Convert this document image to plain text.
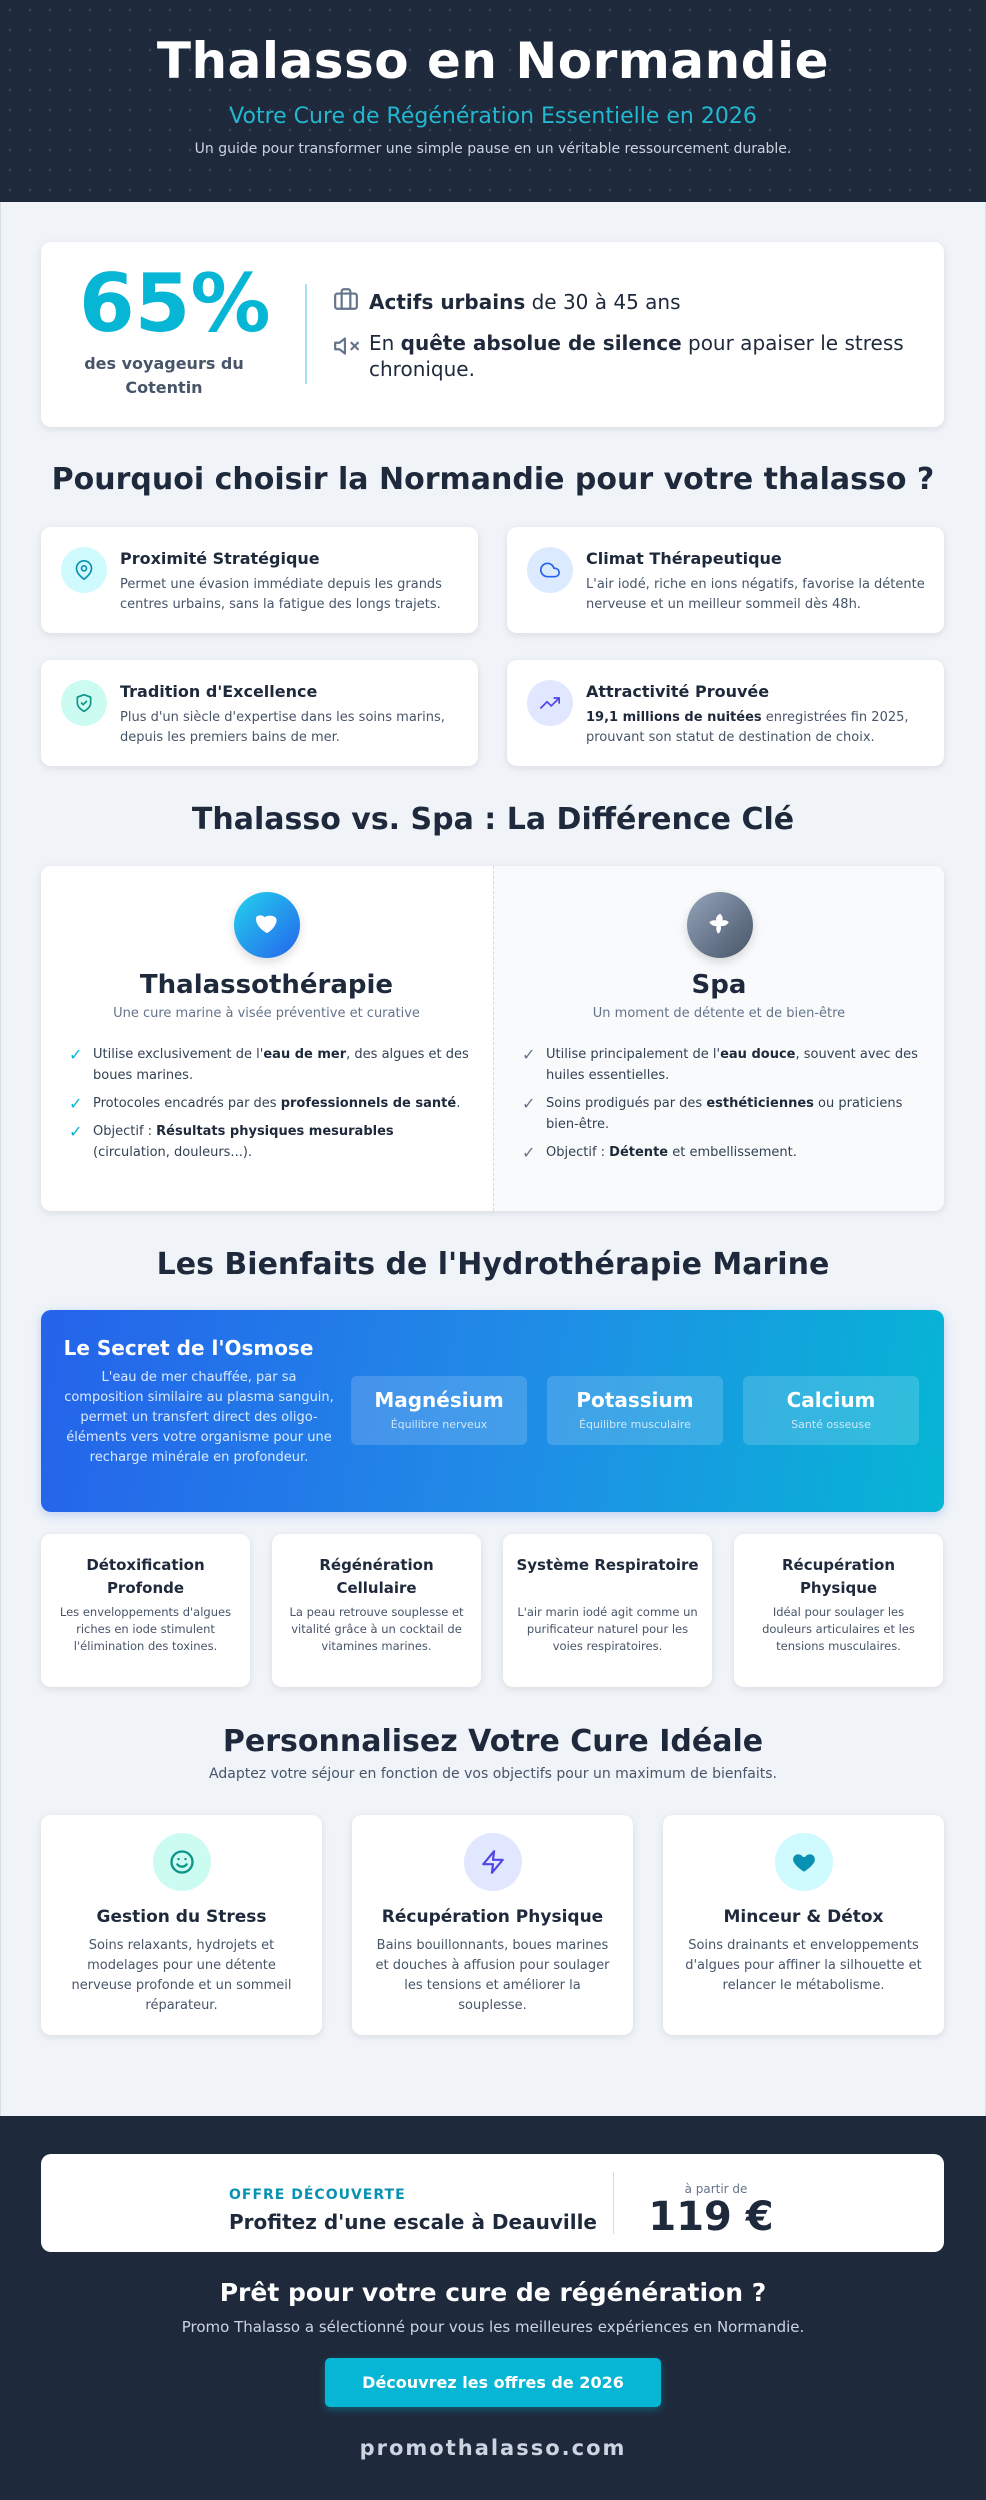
Thalasso en Normandie
Votre Cure de Régénération Essentielle en 2026
Un guide pour transformer une simple pause en un véritable ressourcement durable.
65%
des voyageurs du Cotentin
Actifs urbains de 30 à 45 ans
En quête absolue de silence pour apaiser le stress chronique.
Pourquoi choisir la Normandie pour votre thalasso ?
Proximité Stratégique
Permet une évasion immédiate depuis les grands centres urbains, sans la fatigue des longs trajets.
Climat Thérapeutique
L'air iodé, riche en ions négatifs, favorise la détente nerveuse et un meilleur sommeil dès 48h.
Tradition d'Excellence
Plus d'un siècle d'expertise dans les soins marins, depuis les premiers bains de mer.
Attractivité Prouvée
19,1 millions de nuitées enregistrées fin 2025, prouvant son statut de destination de choix.
Thalasso vs. Spa : La Différence Clé
Thalassothérapie
Une cure marine à visée préventive et curative
✓ Utilise exclusivement de l'eau de mer, des algues et des boues marines.
✓ Protocoles encadrés par des professionnels de santé.
✓ Objectif : Résultats physiques mesurables (circulation, douleurs...).
Spa
Un moment de détente et de bien-être
✓ Utilise principalement de l'eau douce, souvent avec des huiles essentielles.
✓ Soins prodigués par des esthéticiennes ou praticiens bien-être.
✓ Objectif : Détente et embellissement.
Les Bienfaits de l'Hydrothérapie Marine
Le Secret de l'Osmose
L'eau de mer chauffée, par sa composition similaire au plasma sanguin, permet un transfert direct des oligo-éléments vers votre organisme pour une recharge minérale en profondeur.
Magnésium
Équilibre nerveux
Potassium
Équilibre musculaire
Calcium
Santé osseuse
Détoxification Profonde
Les enveloppements d'algues riches en iode stimulent l'élimination des toxines.
Régénération Cellulaire
La peau retrouve souplesse et vitalité grâce à un cocktail de vitamines marines.
Système Respiratoire
L'air marin iodé agit comme un purificateur naturel pour les voies respiratoires.
Récupération Physique
Idéal pour soulager les douleurs articulaires et les tensions musculaires.
Personnalisez Votre Cure Idéale
Adaptez votre séjour en fonction de vos objectifs pour un maximum de bienfaits.
Gestion du Stress
Soins relaxants, hydrojets et modelages pour une détente nerveuse profonde et un sommeil réparateur.
Récupération Physique
Bains bouillonnants, boues marines et douches à affusion pour soulager les tensions et améliorer la souplesse.
Minceur & Détox
Soins drainants et enveloppements d'algues pour affiner la silhouette et relancer le métabolisme.
OFFRE DÉCOUVERTE
Profitez d'une escale à Deauville
à partir de
119 €
Prêt pour votre cure de régénération ?
Promo Thalasso a sélectionné pour vous les meilleures expériences en Normandie.
Découvrez les offres de 2026
promothalasso.com
